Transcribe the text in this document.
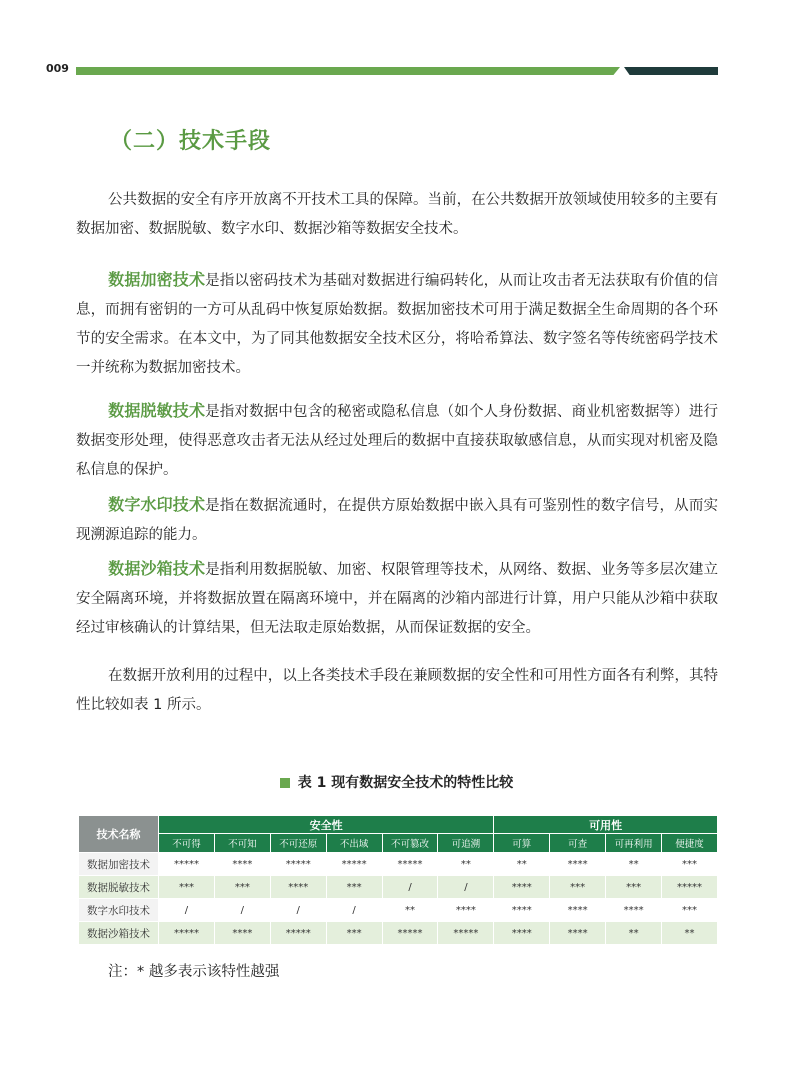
009
（二）技术手段

公共数据的安全有序开放离不开技术工具的保障。当前，在公共数据开放领域使用较多的主要有数据加密、数据脱敏、数字水印、数据沙箱等数据安全技术。

数据加密技术是指以密码技术为基础对数据进行编码转化，从而让攻击者无法获取有价值的信息，而拥有密钥的一方可从乱码中恢复原始数据。数据加密技术可用于满足数据全生命周期的各个环节的安全需求。在本文中，为了同其他数据安全技术区分，将哈希算法、数字签名等传统密码学技术一并统称为数据加密技术。

数据脱敏技术是指对数据中包含的秘密或隐私信息（如个人身份数据、商业机密数据等）进行数据变形处理，使得恶意攻击者无法从经过处理后的数据中直接获取敏感信息，从而实现对机密及隐私信息的保护。

数字水印技术是指在数据流通时，在提供方原始数据中嵌入具有可鉴别性的数字信号，从而实现溯源追踪的能力。

数据沙箱技术是指利用数据脱敏、加密、权限管理等技术，从网络、数据、业务等多层次建立安全隔离环境，并将数据放置在隔离环境中，并在隔离的沙箱内部进行计算，用户只能从沙箱中获取经过审核确认的计算结果，但无法取走原始数据，从而保证数据的安全。

在数据开放利用的过程中，以上各类技术手段在兼顾数据的安全性和可用性方面各有利弊，其特性比较如表 1 所示。

表 1 现有数据安全技术的特性比较
技术名称	安全性						可用性			
	不可得	不可知	不可还原	不出域	不可篡改	可追溯	可算	可查	可再利用	便捷度
数据加密技术	*****	****	*****	*****	*****	**	**	****	**	***
数据脱敏技术	***	***	****	***	/	/	****	***	***	*****
数字水印技术	/	/	/	/	**	****	****	****	****	***
数据沙箱技术	*****	****	*****	***	*****	*****	****	****	**	**
注：* 越多表示该特性越强
